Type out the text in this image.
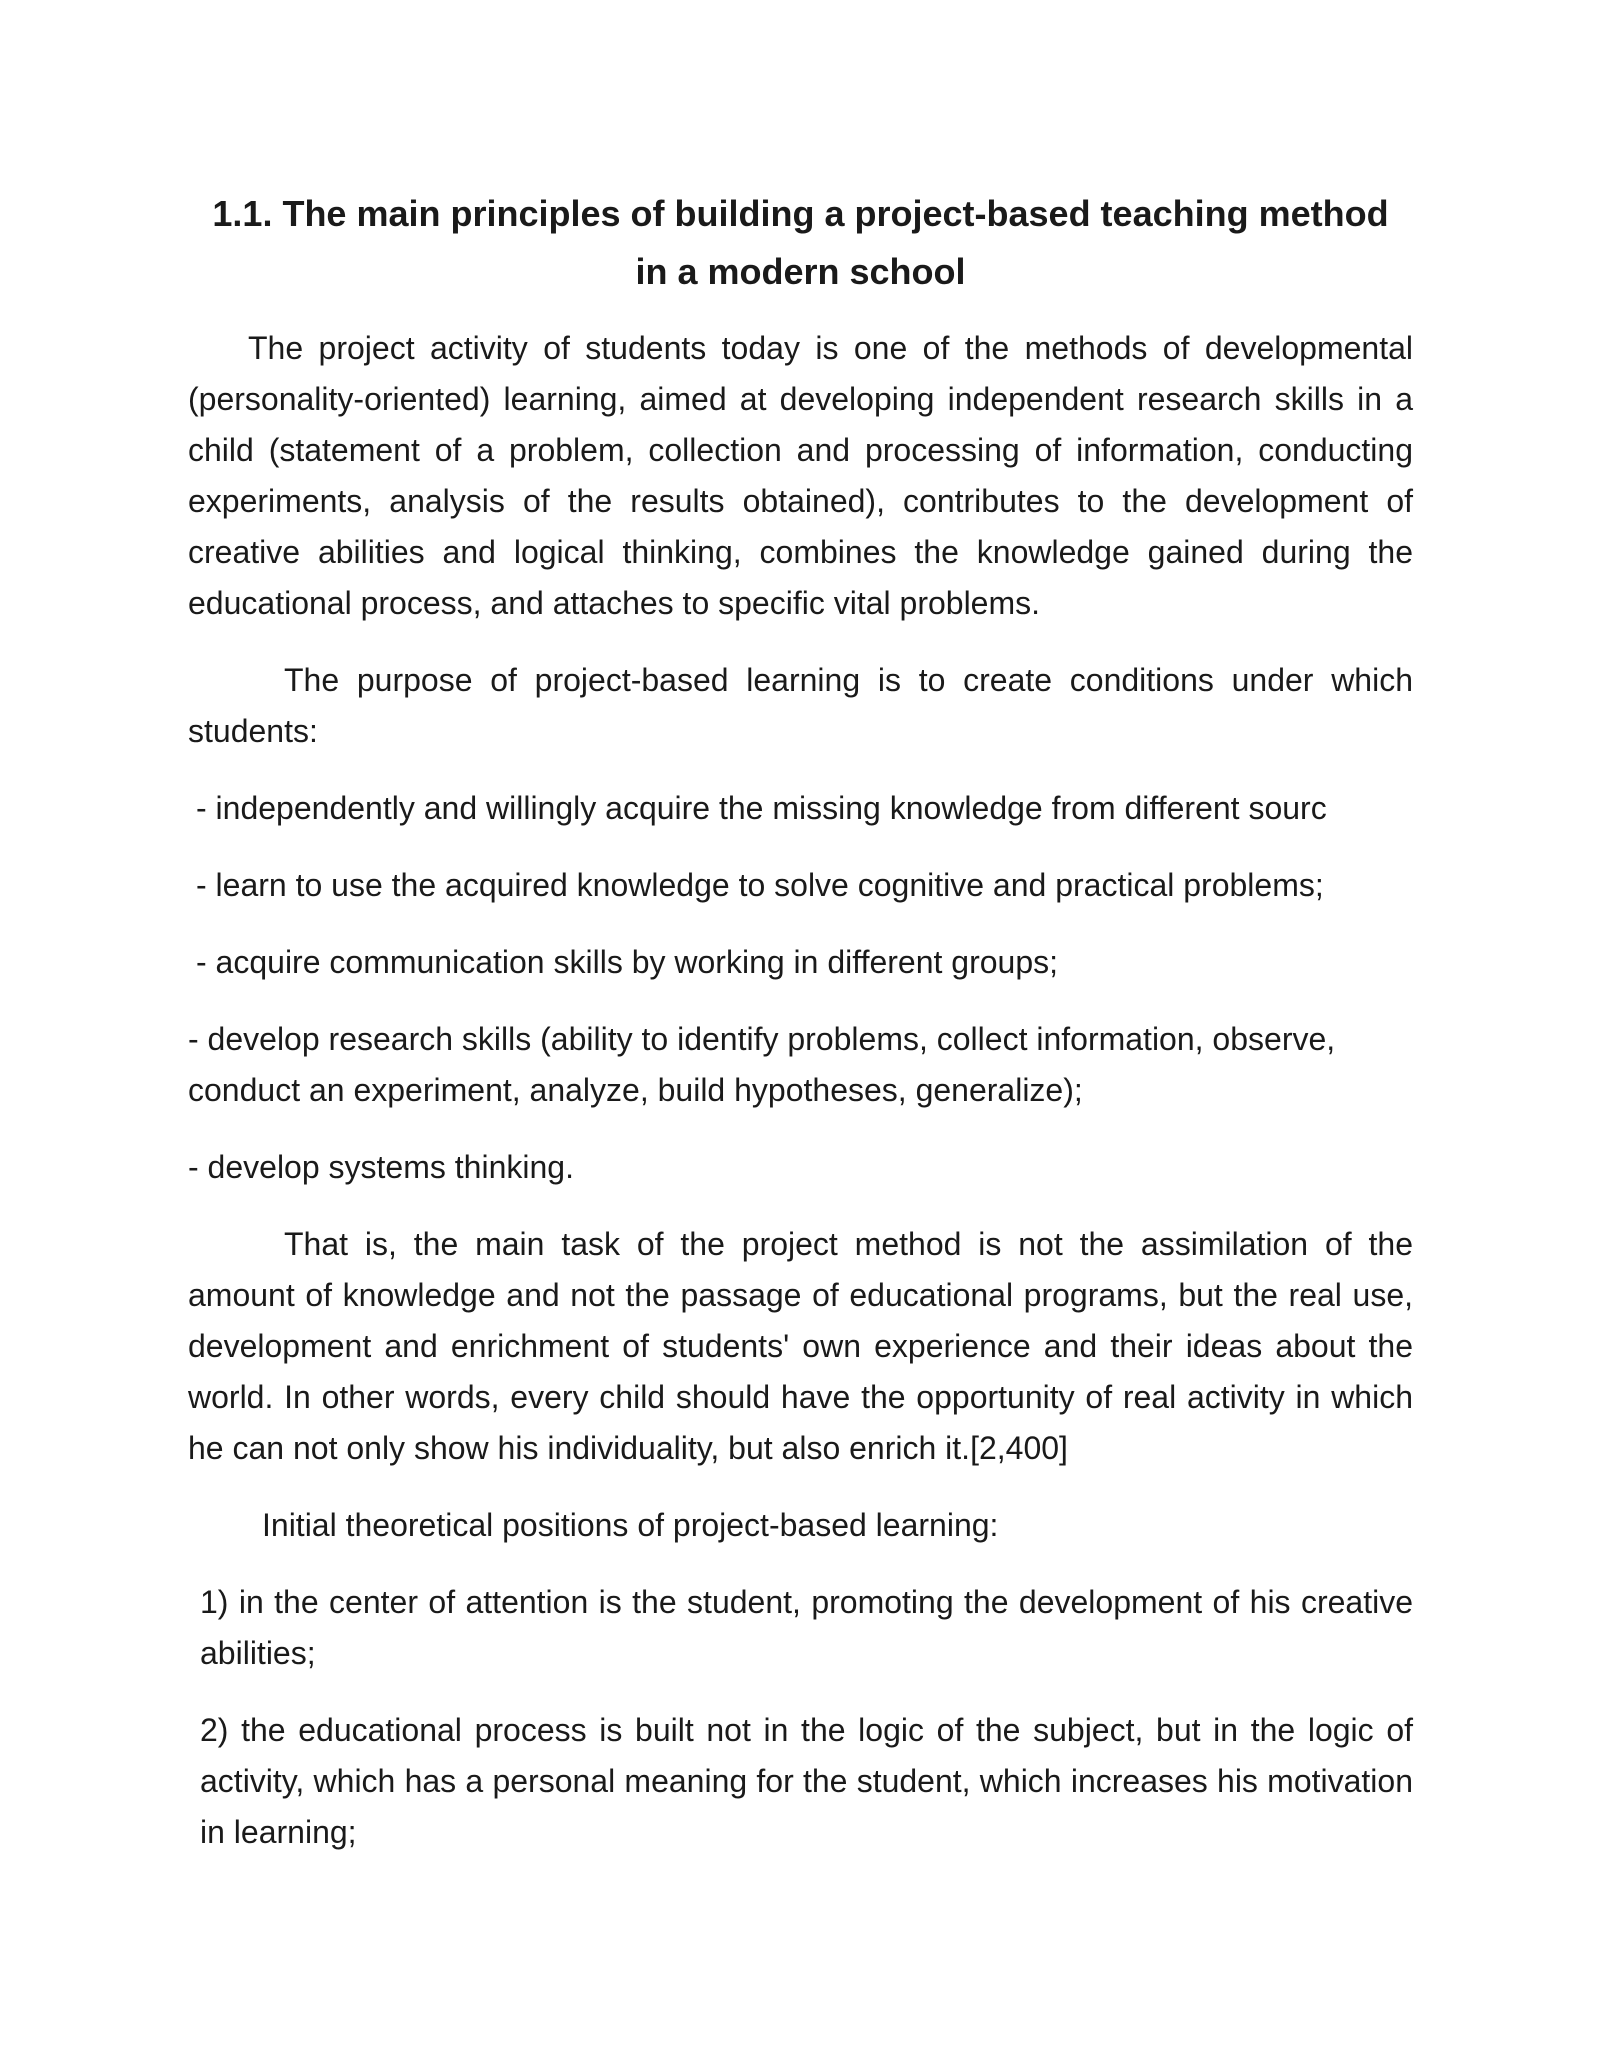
1.1. The main principles of building a project-based teaching method
in a modern school

The project activity of students today is one of the methods of developmental (personality-oriented) learning, aimed at developing independent research skills in a child (statement of a problem, collection and processing of information, conducting experiments, analysis of the results obtained), contributes to the development of creative abilities and logical thinking, combines the knowledge gained during the educational process, and attaches to specific vital problems.

The purpose of project-based learning is to create conditions under which students:

- independently and willingly acquire the missing knowledge from different sourc

- learn to use the acquired knowledge to solve cognitive and practical problems;

- acquire communication skills by working in different groups;

- develop research skills (ability to identify problems, collect information, observe, conduct an experiment, analyze, build hypotheses, generalize);

- develop systems thinking.

That is, the main task of the project method is not the assimilation of the amount of knowledge and not the passage of educational programs, but the real use, development and enrichment of students' own experience and their ideas about the world. In other words, every child should have the opportunity of real activity in which he can not only show his individuality, but also enrich it.[2,400]

Initial theoretical positions of project-based learning:

1) in the center of attention is the student, promoting the development of his creative abilities;

2) the educational process is built not in the logic of the subject, but in the logic of activity, which has a personal meaning for the student, which increases his motivation in learning;
